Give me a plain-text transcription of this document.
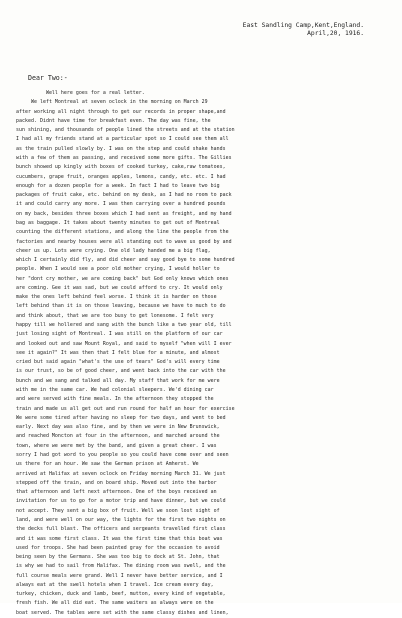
East Sandling Camp,Kent,England.
April,20, 1916.
Dear Two:-
Well here goes for a real letter.
We left Montreal at seven oclock in the morning on March 29
after working all night through to get our records in proper shape,and
packed. Didnt have time for breakfast even. The day was fine, the
sun shining, and thousands of people lined the streets and at the station
I had all my friends stand at a particular spot so I could see them all
as the train pulled slowly by. I was on the step and could shake hands
with a few of them as passing, and received some more gifts. The Gillies
bunch showed up kingly with boxes of cooked turkey, cake,raw tomatoes,
cucumbers, grape fruit, oranges apples, lemons, candy, etc. etc. I had
enough for a dozen people for a week. In fact I had to leave two big
packages of fruit cake, etc. behind on my desk, as I had no room to pack
it and could carry any more. I was then carrying over a hundred pounds
on my back, besides three boxes which I had sent as freight, and my hand
bag as baggage. It takes about twenty minutes to get out of Montreal
counting the different stations, and along the line the people from the
factories and nearby houses were all standing out to wave us good by and
cheer us up. Lots were crying. One old lady handed me a big flag,
which I certainly did fly, and did cheer and say good bye to some hundred
people. When I would see a poor old mother crying, I would holler to
her "dont cry mother, we are coming back" but God only knows which ones
are coming. Gee it was sad, but we could afford to cry. It would only
make the ones left behind feel worse. I think it is harder on those
left behind than it is on those leaving, because we have to much to do
and think about, that we are too busy to get lonesome. I felt very
happy till we hollered and sang with the bunch like a two year old, till
just losing sight of Montreal. I was still on the platform of our car
and looked out and saw Mount Royal, and said to myself "when will I ever
see it again?" It was then that I felt blue for a minute, and almost
cried but said again "what's the use of tears" God's will every time
is our trust, so be of good cheer, and went back into the car with the
bunch and we sang and talked all day. My staff that work for me were
with me in the same car. We had colonial sleepers. We'd dining car
and were served with fine meals. In the afternoon they stopped the
train and made us all get out and run round for half an hour for exercise
We were some tired after having no sleep for two days, and went to bed
early. Next day was also fine, and by then we were in New Brunswick,
and reached Moncton at four in the afternoon, and marched around the
town, where we were met by the band, and given a great cheer. I was
sorry I had got word to you people so you could have come over and seen
us there for an hour. We saw the German prison at Amherst. We
arrived at Halifax at seven oclock on Friday morning March 31. We just
stepped off the train, and on board ship. Moved out into the harbor
that afternoon and left next afternoon. One of the boys received an
invitation for us to go for a motor trip and have dinner, but we could
not accept. They sent a big box of fruit. Well we soon lost sight of
land, and were well on our way, the lights for the first two nights on
the decks full blast. The officers and sergeants travelled first class
and it was some first class. It was the first time that this boat was
used for troops. She had been painted gray for the occasion to avoid
being seen by the Germans. She was too big to dock at St. John, that
is why we had to sail from Halifax. The dining room was swell, and the
full course meals were grand. Well I never have better service, and I
always eat at the swell hotels when I travel. Ice cream every day,
turkey, chicken, duck and lamb, beef, mutton, every kind of vegetable,
fresh fish. We all did eat. The same waiters as always were on the
boat served. The tables were set with the same classy dishes and linen,
